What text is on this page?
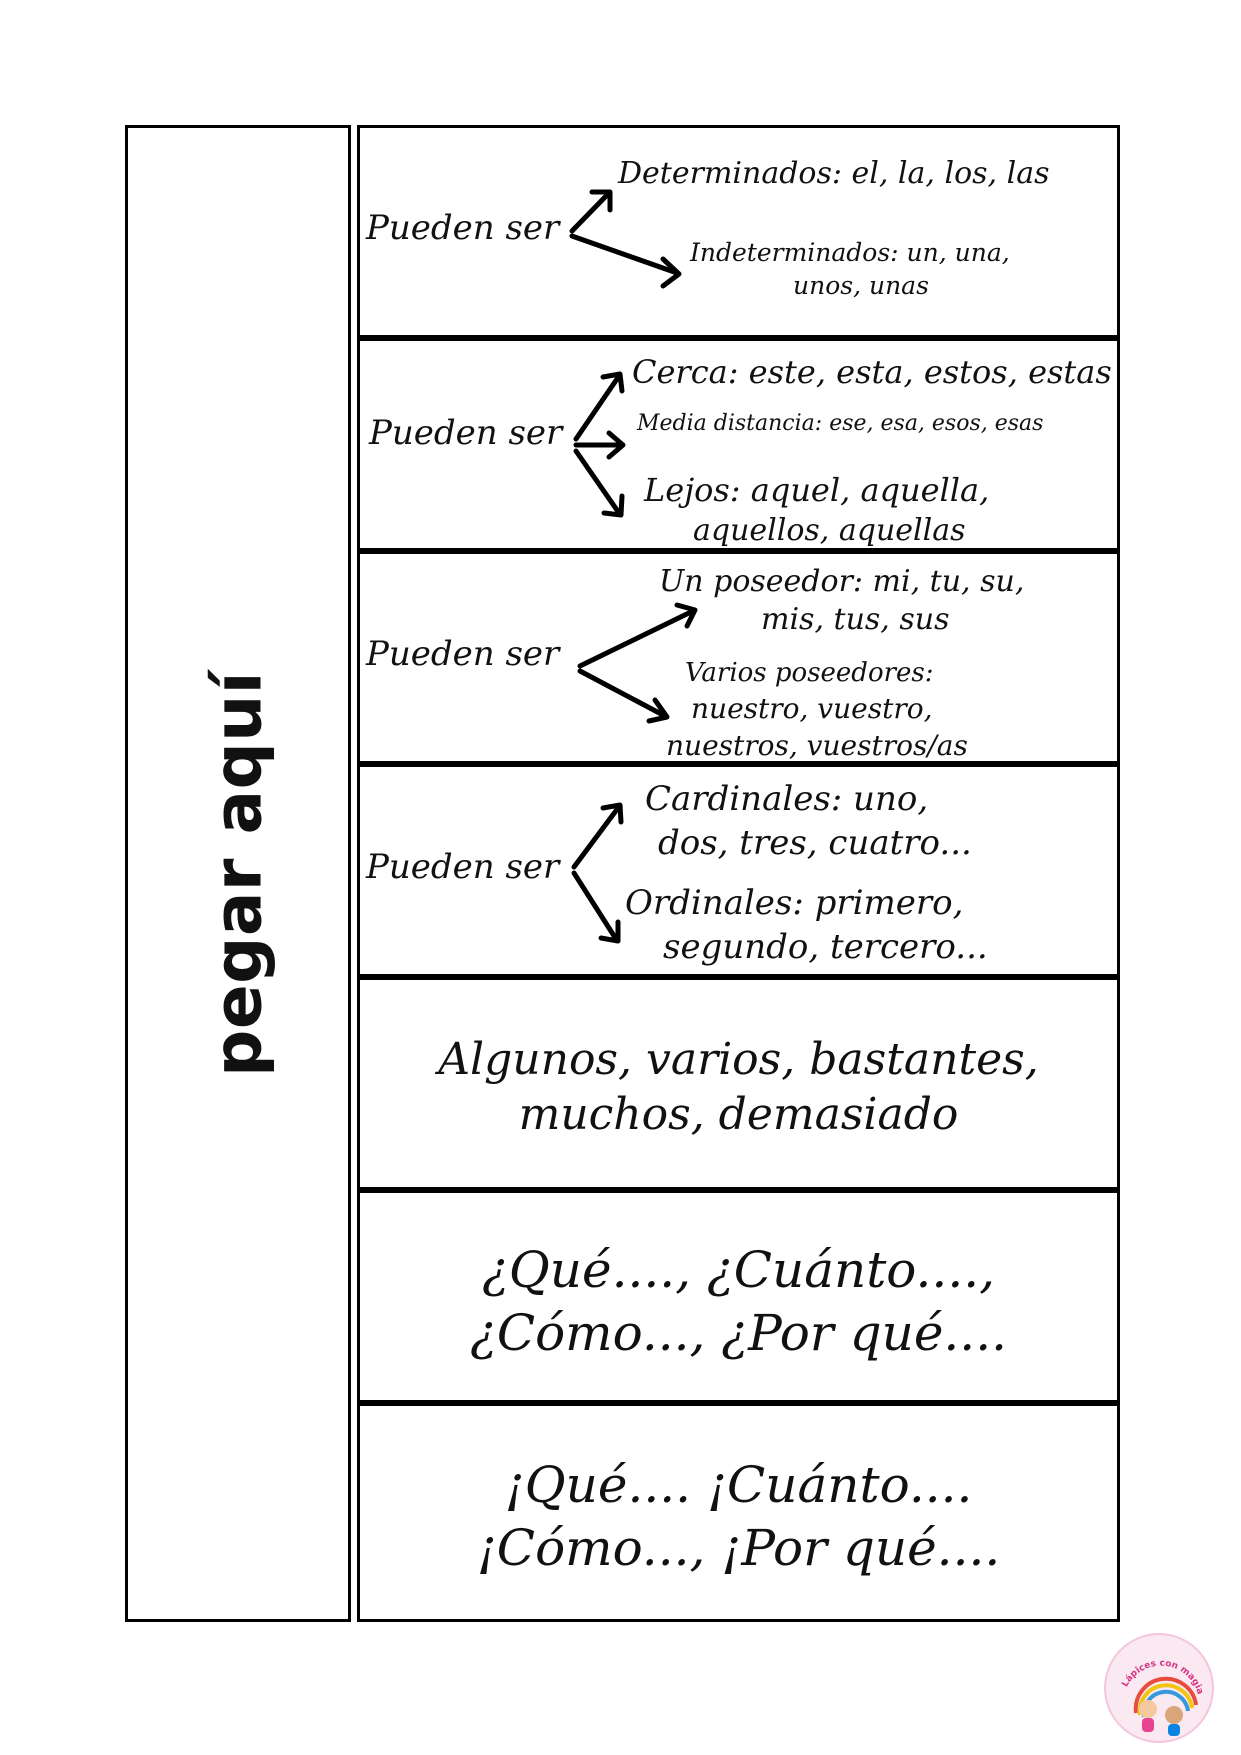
pegar aquí
Pueden ser
Determinados: el, la, los, las
Indeterminados: un, una,
unos, unas
Pueden ser
Cerca: este, esta, estos, estas
Media distancia: ese, esa, esos, esas
Lejos: aquel, aquella,
aquellos, aquellas
Pueden ser
Un poseedor: mi, tu, su,
mis, tus, sus
Varios poseedores:
nuestro, vuestro,
nuestros, vuestros/as
Pueden ser
Cardinales: uno,
dos, tres, cuatro...
Ordinales: primero,
segundo, tercero...
Algunos, varios, bastantes,
muchos, demasiado
¿Qué...., ¿Cuánto....,
¿Cómo..., ¿Por qué....
¡Qué.... ¡Cuánto....
¡Cómo..., ¡Por qué....
Lápices con magia
